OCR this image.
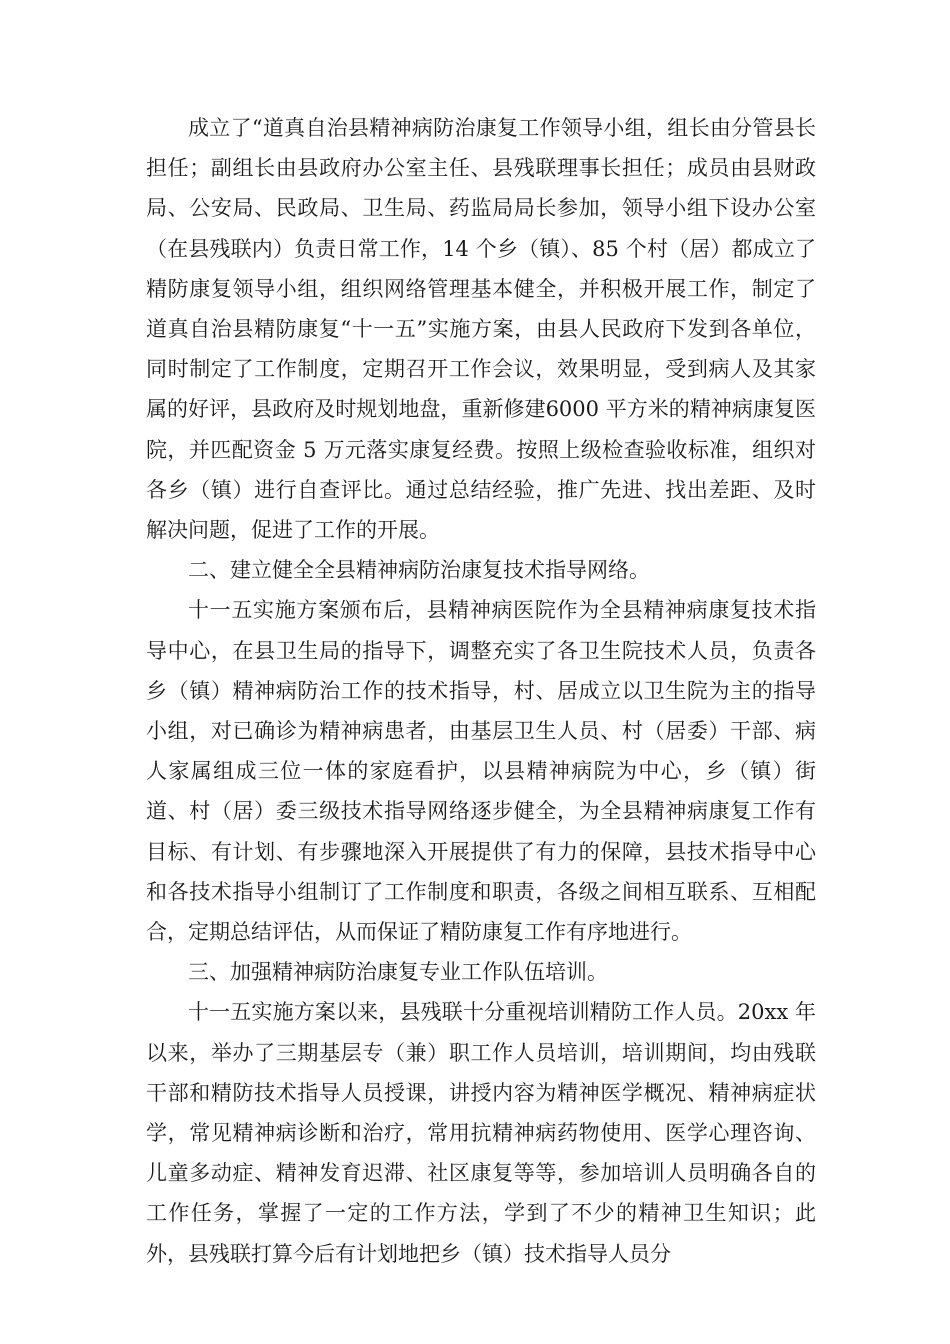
成立了“道真自治县精神病防治康复工作领导小组，组长由分管县长担任；副组长由县政府办公室主任、县残联理事长担任；成员由县财政局、公安局、民政局、卫生局、药监局局长参加，领导小组下设办公室（在县残联内）负责日常工作，14 个乡（镇）、85 个村（居）都成立了精防康复领导小组，组织网络管理基本健全，并积极开展工作，制定了道真自治县精防康复“十一五”实施方案，由县人民政府下发到各单位，同时制定了工作制度，定期召开工作会议，效果明显，受到病人及其家属的好评，县政府及时规划地盘，重新修建6000 平方米的精神病康复医院，并匹配资金 5 万元落实康复经费。按照上级检查验收标准，组织对各乡（镇）进行自查评比。通过总结经验，推广先进、找出差距、及时解决问题，促进了工作的开展。

二、建立健全全县精神病防治康复技术指导网络。

十一五实施方案颁布后，县精神病医院作为全县精神病康复技术指导中心，在县卫生局的指导下，调整充实了各卫生院技术人员，负责各乡（镇）精神病防治工作的技术指导，村、居成立以卫生院为主的指导小组，对已确诊为精神病患者，由基层卫生人员、村（居委）干部、病人家属组成三位一体的家庭看护，以县精神病院为中心，乡（镇）街道、村（居）委三级技术指导网络逐步健全，为全县精神病康复工作有目标、有计划、有步骤地深入开展提供了有力的保障，县技术指导中心和各技术指导小组制订了工作制度和职责，各级之间相互联系、互相配合，定期总结评估，从而保证了精防康复工作有序地进行。

三、加强精神病防治康复专业工作队伍培训。

十一五实施方案以来，县残联十分重视培训精防工作人员。20xx 年以来，举办了三期基层专（兼）职工作人员培训，培训期间，均由残联干部和精防技术指导人员授课，讲授内容为精神医学概况、精神病症状学，常见精神病诊断和治疗，常用抗精神病药物使用、医学心理咨询、儿童多动症、精神发育迟滞、社区康复等等，参加培训人员明确各自的工作任务，掌握了一定的工作方法，学到了不少的精神卫生知识；此外，县残联打算今后有计划地把乡（镇）技术指导人员分
